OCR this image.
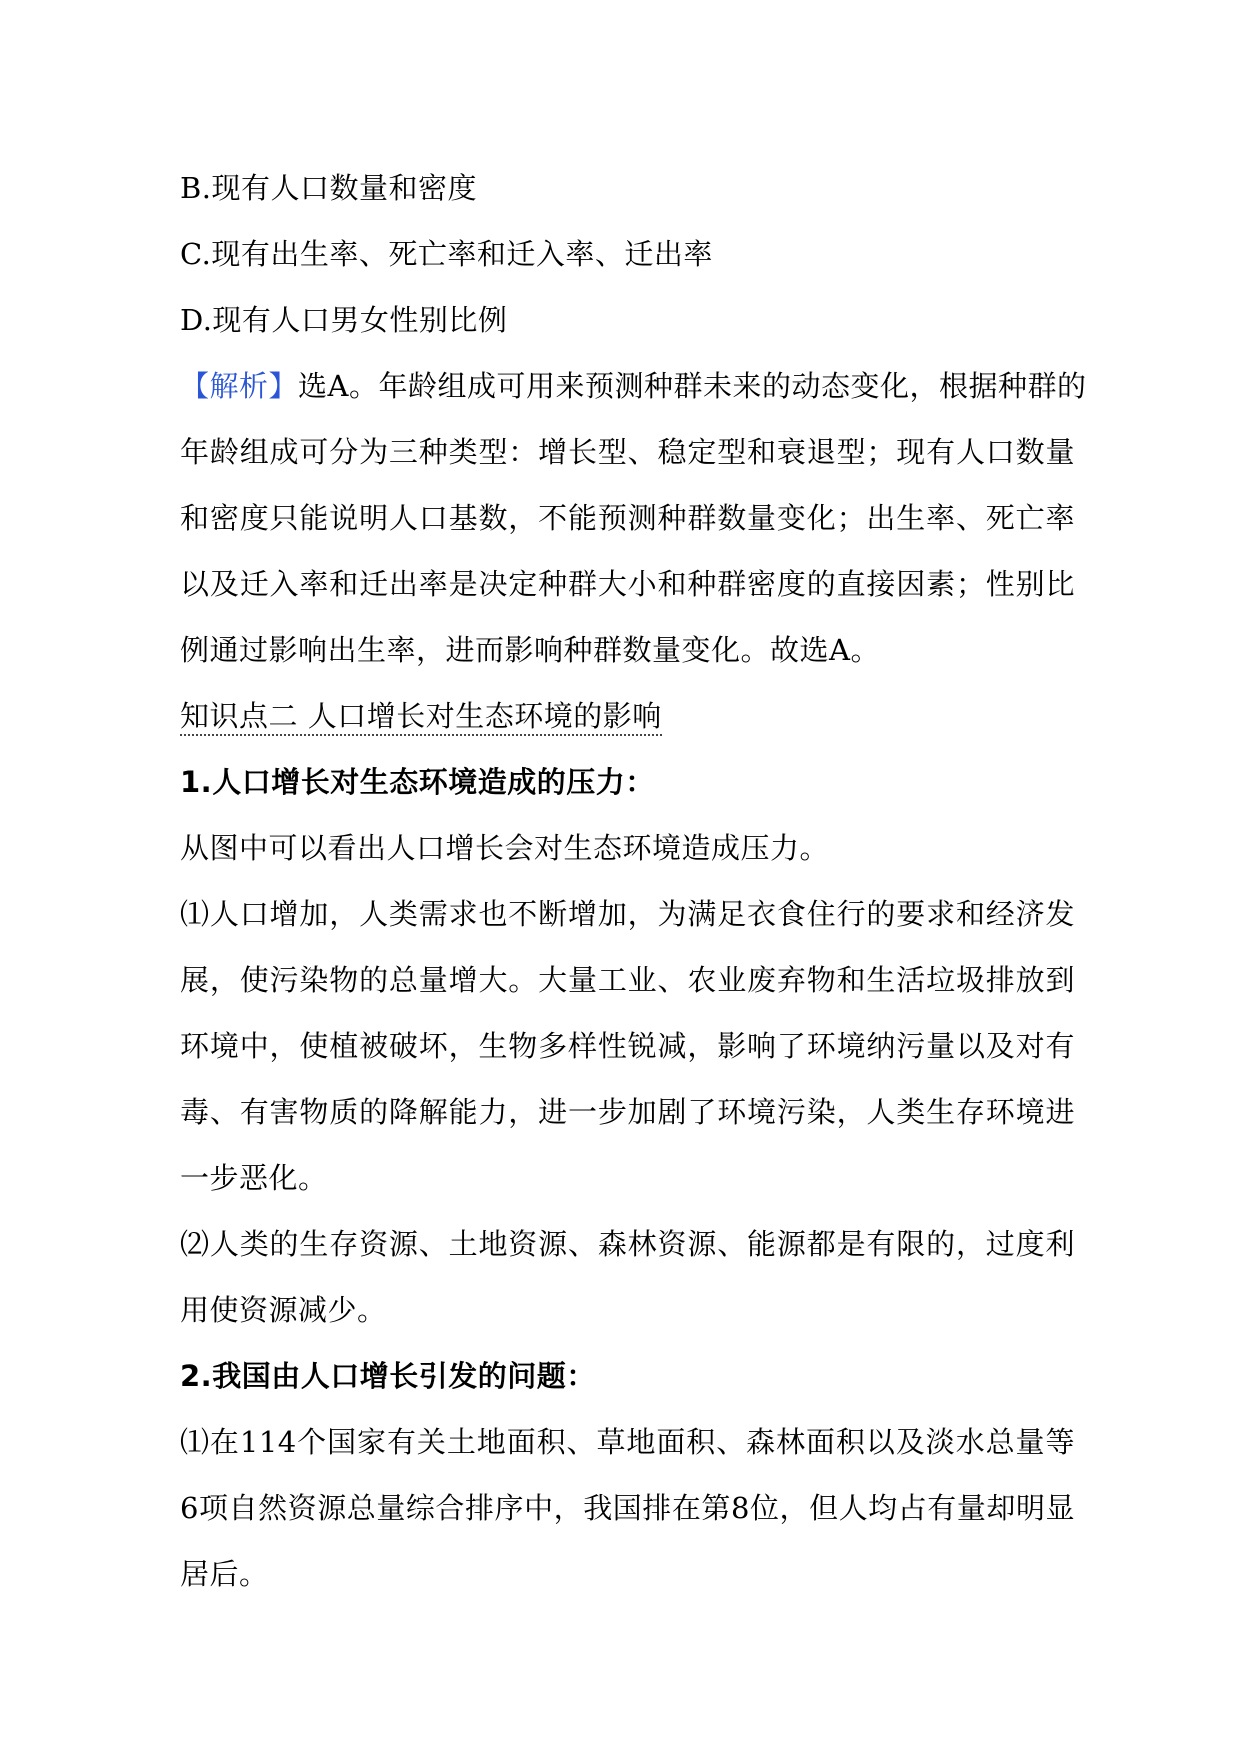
B.现有人口数量和密度
C.现有出生率、死亡率和迁入率、迁出率
D.现有人口男女性别比例
【解析】选A。年龄组成可用来预测种群未来的动态变化，根据种群的
年龄组成可分为三种类型：增长型、稳定型和衰退型；现有人口数量
和密度只能说明人口基数，不能预测种群数量变化；出生率、死亡率
以及迁入率和迁出率是决定种群大小和种群密度的直接因素；性别比
例通过影响出生率，进而影响种群数量变化。故选A。
知识点二 人口增长对生态环境的影响
1.人口增长对生态环境造成的压力：
从图中可以看出人口增长会对生态环境造成压力。
⑴人口增加，人类需求也不断增加，为满足衣食住行的要求和经济发
展，使污染物的总量增大。大量工业、农业废弃物和生活垃圾排放到
环境中，使植被破坏，生物多样性锐减，影响了环境纳污量以及对有
毒、有害物质的降解能力，进一步加剧了环境污染，人类生存环境进
一步恶化。
⑵人类的生存资源、土地资源、森林资源、能源都是有限的，过度利
用使资源减少。
2.我国由人口增长引发的问题：
⑴在114个国家有关土地面积、草地面积、森林面积以及淡水总量等
6项自然资源总量综合排序中，我国排在第8位，但人均占有量却明显
居后。
